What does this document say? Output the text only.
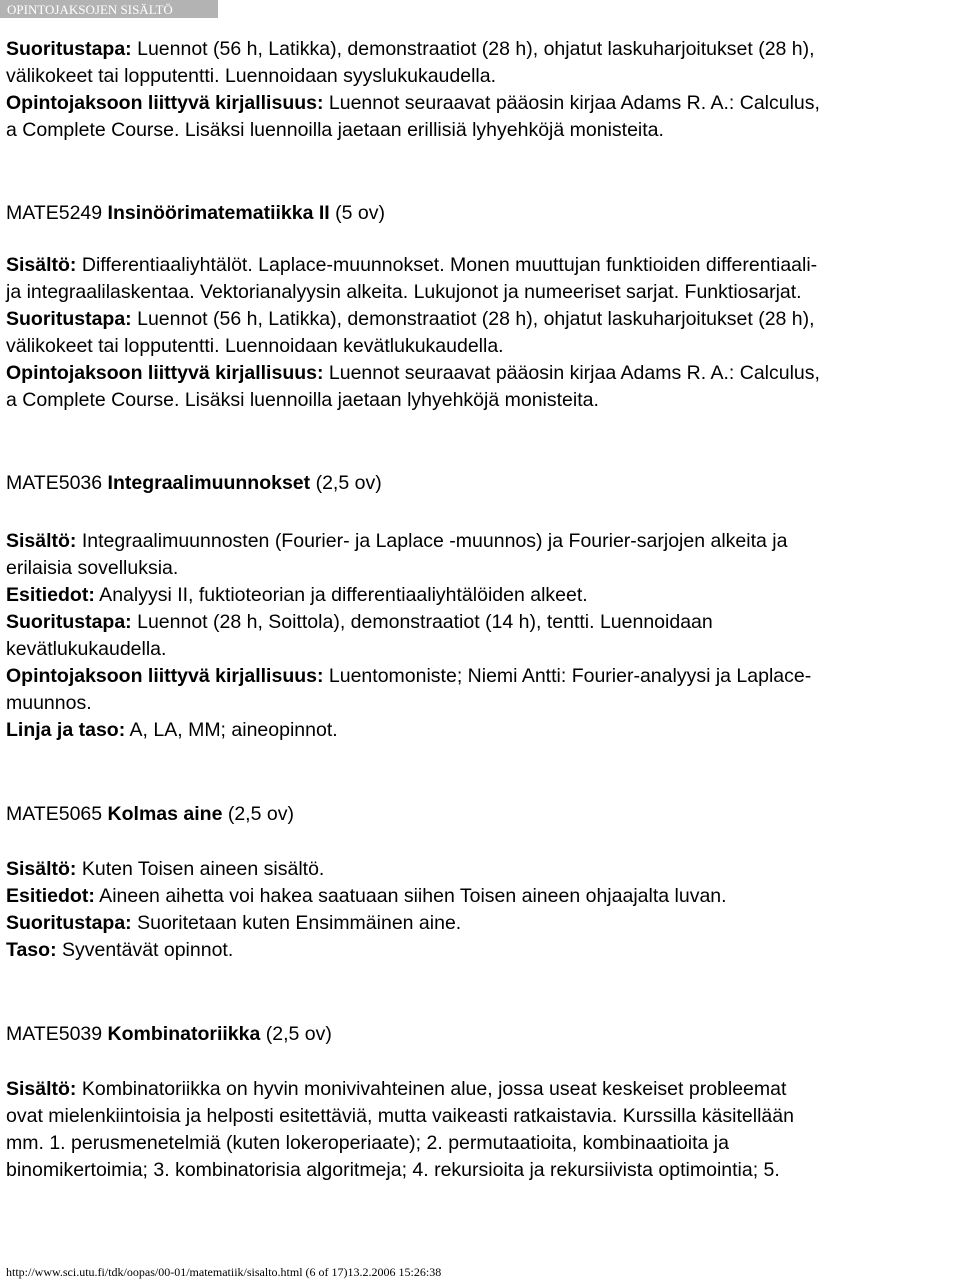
OPINTOJAKSOJEN SISÄLTÖ
Suoritustapa: Luennot (56 h, Latikka), demonstraatiot (28 h), ohjatut laskuharjoitukset (28 h),
välikokeet tai lopputentti. Luennoidaan syyslukukaudella.
Opintojaksoon liittyvä kirjallisuus: Luennot seuraavat pääosin kirjaa Adams R. A.: Calculus,
a Complete Course. Lisäksi luennoilla jaetaan erillisiä lyhyehköjä monisteita.
MATE5249 Insinöörimatematiikka II (5 ov)
Sisältö: Differentiaaliyhtälöt. Laplace-muunnokset. Monen muuttujan funktioiden differentiaali-
ja integraalilaskentaa. Vektorianalyysin alkeita. Lukujonot ja numeeriset sarjat. Funktiosarjat.
Suoritustapa: Luennot (56 h, Latikka), demonstraatiot (28 h), ohjatut laskuharjoitukset (28 h),
välikokeet tai lopputentti. Luennoidaan kevätlukukaudella.
Opintojaksoon liittyvä kirjallisuus: Luennot seuraavat pääosin kirjaa Adams R. A.: Calculus,
a Complete Course. Lisäksi luennoilla jaetaan lyhyehköjä monisteita.
MATE5036 Integraalimuunnokset (2,5 ov)
Sisältö: Integraalimuunnosten (Fourier- ja Laplace -muunnos) ja Fourier-sarjojen alkeita ja
erilaisia sovelluksia.
Esitiedot: Analyysi II, fuktioteorian ja differentiaaliyhtälöiden alkeet.
Suoritustapa: Luennot (28 h, Soittola), demonstraatiot (14 h), tentti. Luennoidaan
kevätlukukaudella.
Opintojaksoon liittyvä kirjallisuus: Luentomoniste; Niemi Antti: Fourier-analyysi ja Laplace-
muunnos.
Linja ja taso: A, LA, MM; aineopinnot.
MATE5065 Kolmas aine (2,5 ov)
Sisältö: Kuten Toisen aineen sisältö.
Esitiedot: Aineen aihetta voi hakea saatuaan siihen Toisen aineen ohjaajalta luvan.
Suoritustapa: Suoritetaan kuten Ensimmäinen aine.
Taso: Syventävät opinnot.
MATE5039 Kombinatoriikka (2,5 ov)
Sisältö: Kombinatoriikka on hyvin monivivahteinen alue, jossa useat keskeiset probleemat
ovat mielenkiintoisia ja helposti esitettäviä, mutta vaikeasti ratkaistavia. Kurssilla käsitellään
mm. 1. perusmenetelmiä (kuten lokeroperiaate); 2. permutaatioita, kombinaatioita ja
binomikertoimia; 3. kombinatorisia algoritmeja; 4. rekursioita ja rekursiivista optimointia; 5.
http://www.sci.utu.fi/tdk/oopas/00-01/matematiik/sisalto.html (6 of 17)13.2.2006 15:26:38
